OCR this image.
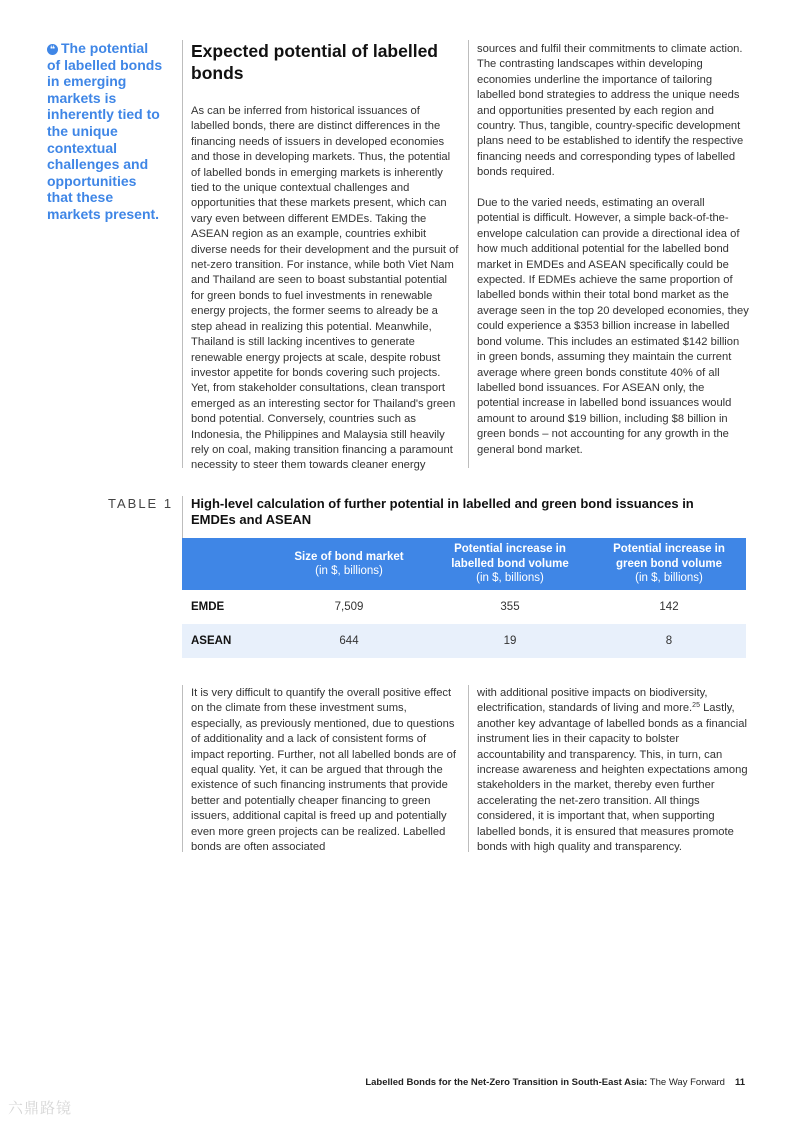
❝ The potential of labelled bonds in emerging markets is inherently tied to the unique contextual challenges and opportunities that these markets present.
Expected potential of labelled bonds

As can be inferred from historical issuances of labelled bonds, there are distinct differences in the financing needs of issuers in developed economies and those in developing markets. Thus, the potential of labelled bonds in emerging markets is inherently tied to the unique contextual challenges and opportunities that these markets present, which can vary even between different EMDEs. Taking the ASEAN region as an example, countries exhibit diverse needs for their development and the pursuit of net-zero transition. For instance, while both Viet Nam and Thailand are seen to boast substantial potential for green bonds to fuel investments in renewable energy projects, the former seems to already be a step ahead in realizing this potential. Meanwhile, Thailand is still lacking incentives to generate renewable energy projects at scale, despite robust investor appetite for bonds covering such projects. Yet, from stakeholder consultations, clean transport emerged as an interesting sector for Thailand's green bond potential. Conversely, countries such as Indonesia, the Philippines and Malaysia still heavily rely on coal, making transition financing a paramount necessity to steer them towards cleaner energy

sources and fulfil their commitments to climate action. The contrasting landscapes within developing economies underline the importance of tailoring labelled bond strategies to address the unique needs and opportunities presented by each region and country. Thus, tangible, country-specific development plans need to be established to identify the respective financing needs and corresponding types of labelled bonds required.

Due to the varied needs, estimating an overall potential is difficult. However, a simple back-of-the-envelope calculation can provide a directional idea of how much additional potential for the labelled bond market in EMDEs and ASEAN specifically could be expected. If EDMEs achieve the same proportion of labelled bonds within their total bond market as the average seen in the top 20 developed economies, they could experience a $353 billion increase in labelled bond volume. This includes an estimated $142 billion in green bonds, assuming they maintain the current average where green bonds constitute 40% of all labelled bond issuances. For ASEAN only, the potential increase in labelled bond issuances would amount to around $19 billion, including $8 billion in green bonds – not accounting for any growth in the general bond market.

TABLE 1 High-level calculation of further potential in labelled and green bond issuances in EMDEs and ASEAN
	Size of bond market
(in $, billions)	Potential increase in labelled bond volume
(in $, billions)	Potential increase in green bond volume
(in $, billions)

EMDE	7,509	355	142
ASEAN	644	19	8

It is very difficult to quantify the overall positive effect on the climate from these investment sums, especially, as previously mentioned, due to questions of additionality and a lack of consistent forms of impact reporting. Further, not all labelled bonds are of equal quality. Yet, it can be argued that through the existence of such financing instruments that provide better and potentially cheaper financing to green issuers, additional capital is freed up and potentially even more green projects can be realized. Labelled bonds are often associated

with additional positive impacts on biodiversity, electrification, standards of living and more.$^{25}$ Lastly, another key advantage of labelled bonds as a financial instrument lies in their capacity to bolster accountability and transparency. This, in turn, can increase awareness and heighten expectations among stakeholders in the market, thereby even further accelerating the net-zero transition. All things considered, it is important that, when supporting labelled bonds, it is ensured that measures promote bonds with high quality and transparency.

Labelled Bonds for the Net-Zero Transition in South-East Asia: The Way Forward 11
六鼎路镜
